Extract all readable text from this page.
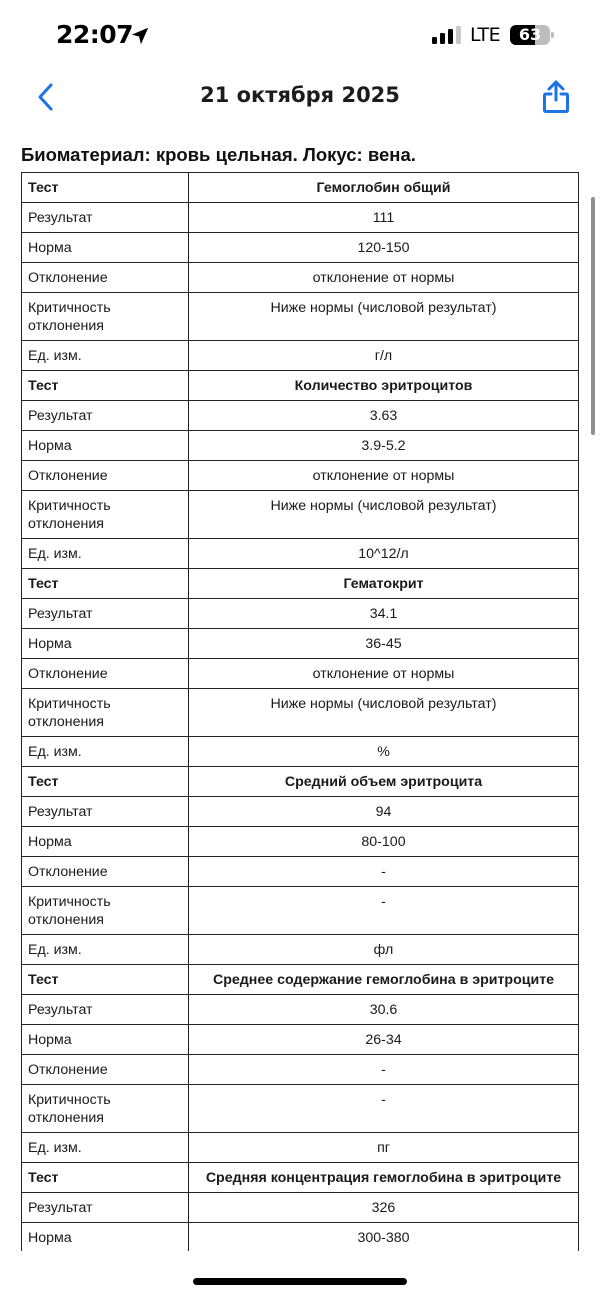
22:07	LTE	63
21 октября 2025
Биоматериал: кровь цельная. Локус: вена.
Тест	Гемоглобин общий
Результат	111
Норма	120-150
Отклонение	отклонение от нормы
Критичность отклонения	Ниже нормы (числовой результат)
Ед. изм.	г/л
Тест	Количество эритроцитов
Результат	3.63
Норма	3.9-5.2
Отклонение	отклонение от нормы
Критичность отклонения	Ниже нормы (числовой результат)
Ед. изм.	10^12/л
Тест	Гематокрит
Результат	34.1
Норма	36-45
Отклонение	отклонение от нормы
Критичность отклонения	Ниже нормы (числовой результат)
Ед. изм.	%
Тест	Средний объем эритроцита
Результат	94
Норма	80-100
Отклонение	-
Критичность отклонения	-
Ед. изм.	фл
Тест	Среднее содержание гемоглобина в эритроците
Результат	30.6
Норма	26-34
Отклонение	-
Критичность отклонения	-
Ед. изм.	пг
Тест	Средняя концентрация гемоглобина в эритроците
Результат	326
Норма	300-380
